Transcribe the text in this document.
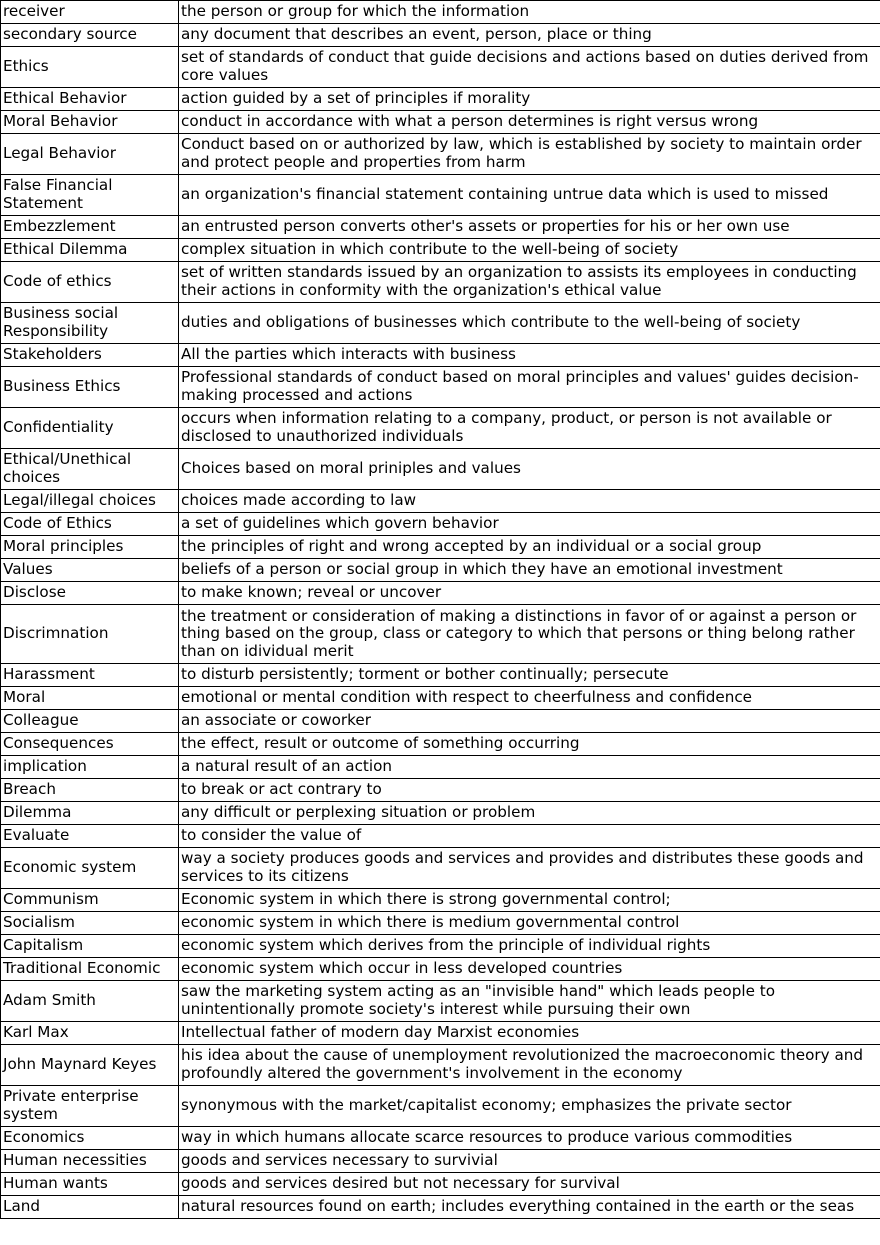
receiver	the person or group for which the information
secondary source	any document that describes an event, person, place or thing
Ethics	set of standards of conduct that guide decisions and actions based on duties derived from core values
Ethical Behavior	action guided by a set of principles if morality
Moral Behavior	conduct in accordance with what a person determines is right versus wrong
Legal Behavior	Conduct based on or authorized by law, which is established by society to maintain order and protect people and properties from harm
False Financial Statement	an organization's financial statement containing untrue data which is used to missed
Embezzlement	an entrusted person converts other's assets or properties for his or her own use
Ethical Dilemma	complex situation in which contribute to the well-being of society
Code of ethics	set of written standards issued by an organization to assists its employees in conducting their actions in conformity with the organization's ethical value
Business social Responsibility	duties and obligations of businesses which contribute to the well-being of society
Stakeholders	All the parties which interacts with business
Business Ethics	Professional standards of conduct based on moral principles and values' guides decision-making processed and actions
Confidentiality	occurs when information relating to a company, product, or person is not available or disclosed to unauthorized individuals
Ethical/Unethical choices	Choices based on moral priniples and values
Legal/illegal choices	choices made according to law
Code of Ethics	a set of guidelines which govern behavior
Moral principles	the principles of right and wrong accepted by an individual or a social group
Values	beliefs of a person or social group in which they have an emotional investment
Disclose	to make known; reveal or uncover
Discrimnation	the treatment or consideration of making a distinctions in favor of or against a person or thing based on the group, class or category to which that persons or thing belong rather than on idividual merit
Harassment	to disturb persistently; torment or bother continually; persecute
Moral	emotional or mental condition with respect to cheerfulness and confidence
Colleague	an associate or coworker
Consequences	the effect, result or outcome of something occurring
implication	a natural result of an action
Breach	to break or act contrary to
Dilemma	any difficult or perplexing situation or problem
Evaluate	to consider the value of
Economic system	way a society produces goods and services and provides and distributes these goods and services to its citizens
Communism	Economic system in which there is strong governmental control;
Socialism	economic system in which there is medium governmental control
Capitalism	economic system which derives from the principle of individual rights
Traditional Economic	economic system which occur in less developed countries
Adam Smith	saw the marketing system acting as an "invisible hand" which leads people to unintentionally promote society's interest while pursuing their own
Karl Max	Intellectual father of modern day Marxist economies
John Maynard Keyes	his idea about the cause of unemployment revolutionized the macroeconomic theory and profoundly altered the government's involvement in the economy
Private enterprise system	synonymous with the market/capitalist economy; emphasizes the private sector
Economics	way in which humans allocate scarce resources to produce various commodities
Human necessities	goods and services necessary to survivial
Human wants	goods and services desired but not necessary for survival
Land	natural resources found on earth; includes everything contained in the earth or the seas
